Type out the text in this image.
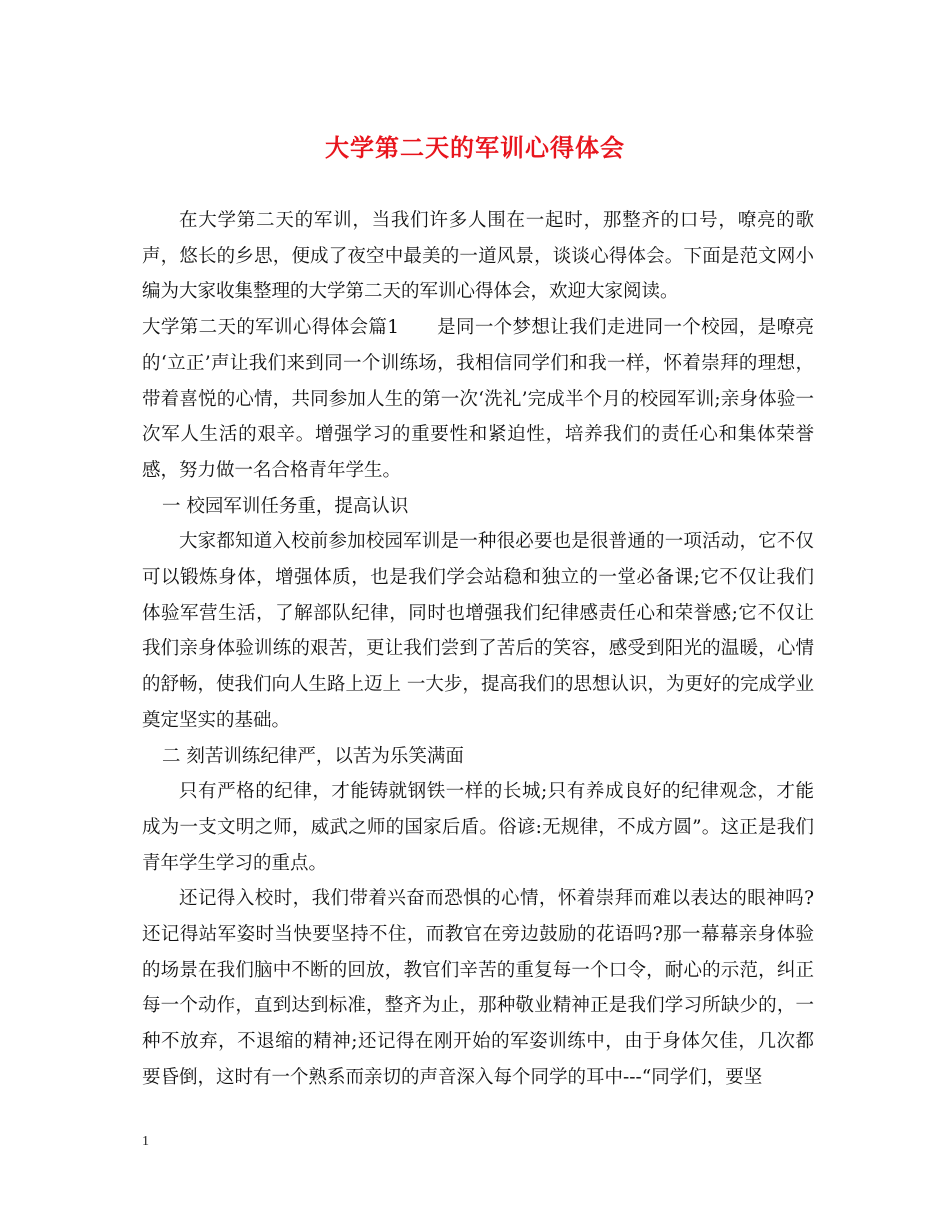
大学第二天的军训心得体会

在大学第二天的军训，当我们许多人围在一起时，那整齐的口号，嘹亮的歌声，悠长的乡思，便成了夜空中最美的一道风景，谈谈心得体会。下面是范文网小编为大家收集整理的大学第二天的军训心得体会，欢迎大家阅读。

大学第二天的军训心得体会篇1　　是同一个梦想让我们走进同一个校园，是嘹亮的‘立正’声让我们来到同一个训练场，我相信同学们和我一样，怀着崇拜的理想，带着喜悦的心情，共同参加人生的第一次‘洗礼’完成半个月的校园军训;亲身体验一次军人生活的艰辛。增强学习的重要性和紧迫性，培养我们的责任心和集体荣誉感，努力做一名合格青年学生。

一 校园军训任务重，提高认识

大家都知道入校前参加校园军训是一种很必要也是很普通的一项活动，它不仅可以锻炼身体，增强体质，也是我们学会站稳和独立的一堂必备课;它不仅让我们体验军营生活，了解部队纪律，同时也增强我们纪律感责任心和荣誉感;它不仅让我们亲身体验训练的艰苦，更让我们尝到了苦后的笑容，感受到阳光的温暖，心情的舒畅，使我们向人生路上迈上 一大步，提高我们的思想认识，为更好的完成学业奠定坚实的基础。

二 刻苦训练纪律严，以苦为乐笑满面

只有严格的纪律，才能铸就钢铁一样的长城;只有养成良好的纪律观念，才能成为一支文明之师，威武之师的国家后盾。俗谚:无规律，不成方圆”。这正是我们青年学生学习的重点。

还记得入校时，我们带着兴奋而恐惧的心情，怀着崇拜而难以表达的眼神吗?还记得站军姿时当快要坚持不住，而教官在旁边鼓励的花语吗?那一幕幕亲身体验的场景在我们脑中不断的回放，教官们辛苦的重复每一个口令，耐心的示范，纠正每一个动作，直到达到标准，整齐为止，那种敬业精神正是我们学习所缺少的，一种不放弃，不退缩的精神;还记得在刚开始的军姿训练中，由于身体欠佳，几次都要昏倒，这时有一个熟系而亲切的声音深入每个同学的耳中---“同学们，要坚

1
